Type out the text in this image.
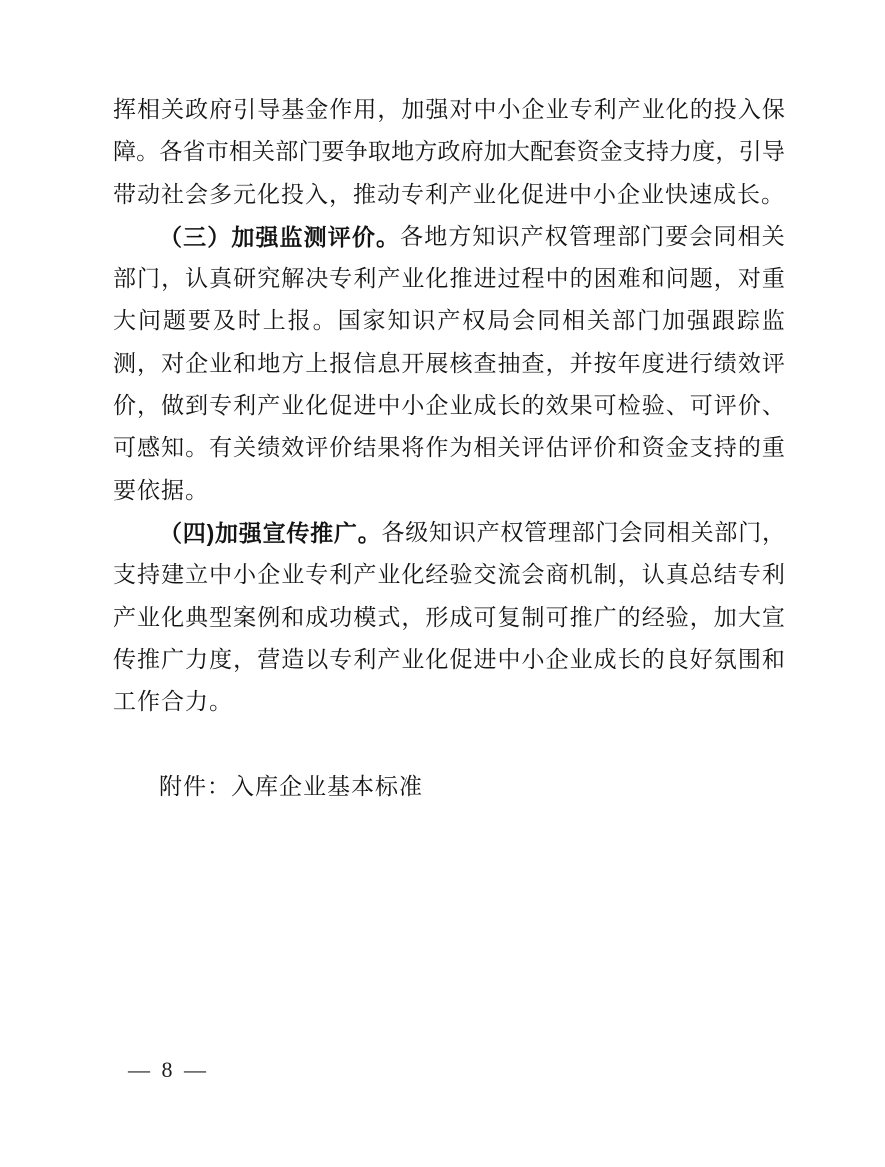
挥 相 关 政 府 引 导 基 金 作 用 ， 加 强 对 中 小 企 业 专 利 产 业 化 的 投 入 保
障 。 各 省 市 相 关 部 门 要 争 取 地 方 政 府 加 大 配 套 资 金 支 持 力 度 ， 引 导
带动社会多元化投入，推动专利产业化促进中小企业快速成长。
（ 三 ） 加 强 监 测 评 价 。 各 地 方 知 识 产 权 管 理 部 门 要 会 同 相 关
部 门 ， 认 真 研 究 解 决 专 利 产 业 化 推 进 过 程 中 的 困 难 和 问 题 ， 对 重
大 问 题 要 及 时 上 报 。 国 家 知 识 产 权 局 会 同 相 关 部 门 加 强 跟 踪 监
测 ， 对 企 业 和 地 方 上 报 信 息 开 展 核 查 抽 查 ， 并 按 年 度 进 行 绩 效 评
价 ， 做 到 专 利 产 业 化 促 进 中 小 企 业 成 长 的 效 果 可 检 验 、 可 评 价 、
可 感 知 。 有 关 绩 效 评 价 结 果 将 作 为 相 关 评 估 评 价 和 资 金 支 持 的 重
要依据。
（ 四 ) 加 强 宣 传 推 广 。 各 级 知 识 产 权 管 理 部 门 会 同 相 关 部 门 ，
支 持 建 立 中 小 企 业 专 利 产 业 化 经 验 交 流 会 商 机 制 ， 认 真 总 结 专 利
产 业 化 典 型 案 例 和 成 功 模 式 ， 形 成 可 复 制 可 推 广 的 经 验 ， 加 大 宣
传 推 广 力 度 ， 营 造 以 专 利 产 业 化 促 进 中 小 企 业 成 长 的 良 好 氛 围 和
工作合力。
附件：入库企业基本标准
— 8 —
